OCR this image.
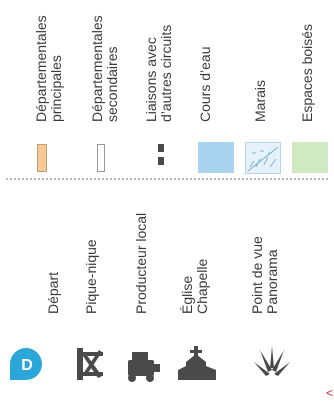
Départementales
principales Départementales
secondaires Liaisons avec
d’autres circuits Cours d’eau	Marais Espaces boisés
Départ
D
Pique-nique Producteur local Église
Chapelle	Point de vue
Panorama
<
